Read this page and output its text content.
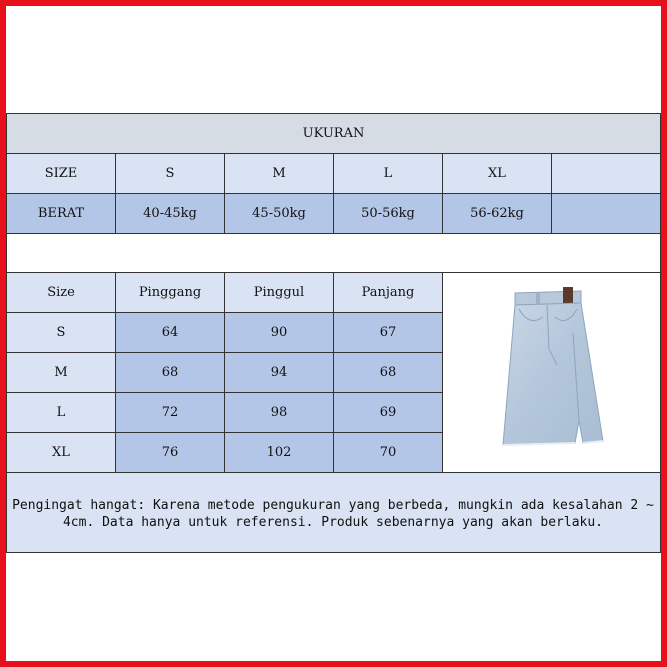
UKURAN
SIZE	S	M	L	XL
BERAT	40-45kg	45-50kg	50-56kg	56-62kg
Size	Pinggang	Pinggul	Panjang
S	64	90	67
M	68	94	68
L	72	98	69
XL	76	102	70
Pengingat hangat: Karena metode pengukuran yang berbeda, mungkin ada kesalahan 2 ~ 4cm. Data hanya untuk referensi. Produk sebenarnya yang akan berlaku.
